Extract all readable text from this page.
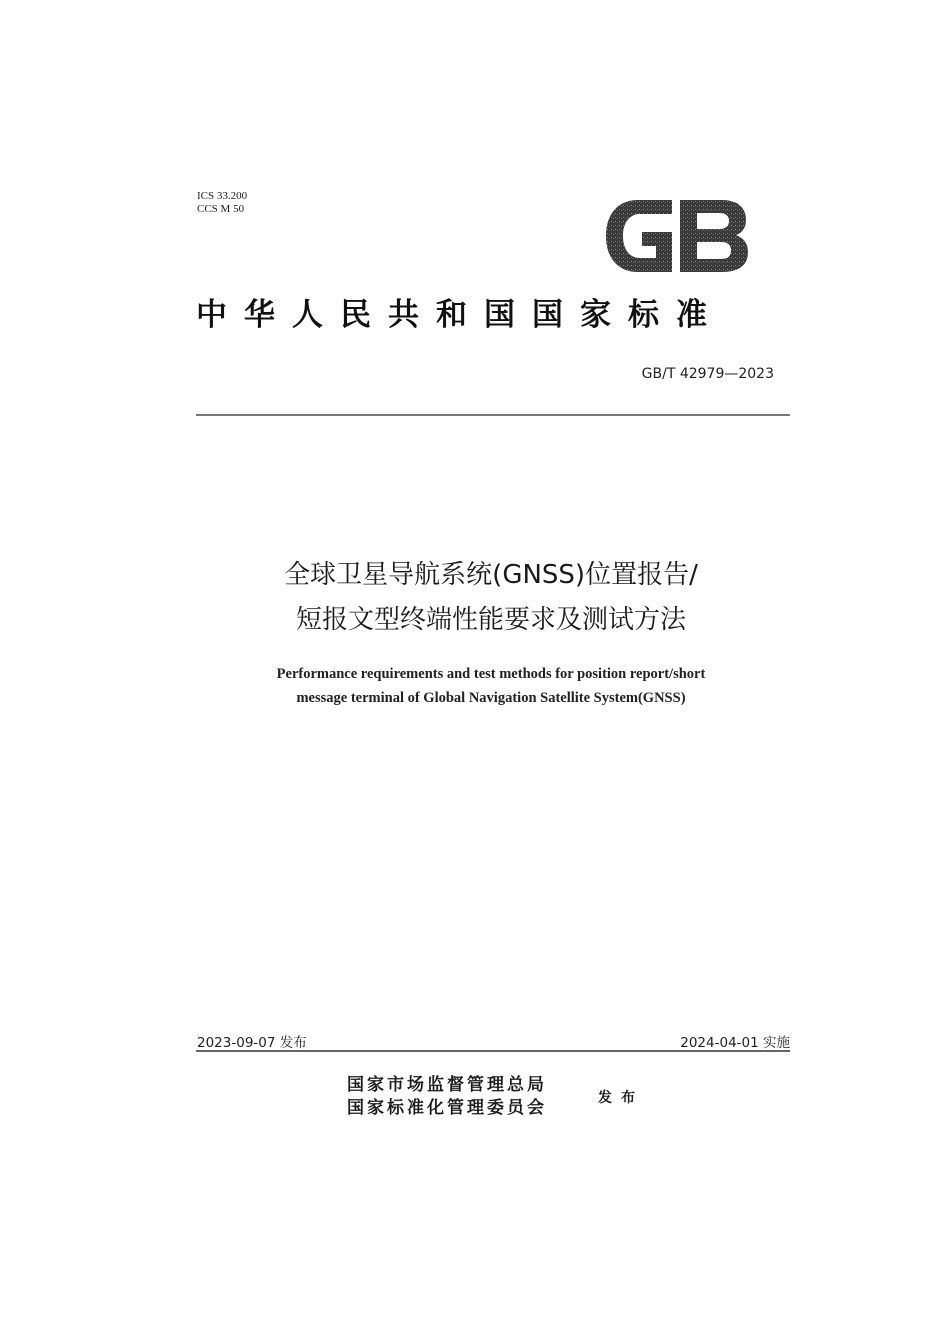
ICS 33.200
CCS M 50
中华人民共和国国家标准
GB/T 42979—2023
全球卫星导航系统(GNSS)位置报告/
短报文型终端性能要求及测试方法
Performance requirements and test methods for position report/short
message terminal of Global Navigation Satellite System(GNSS)
2023-09-07 发布	2024-04-01 实施
国家市场监督管理总局
国家标准化管理委员会	发布
